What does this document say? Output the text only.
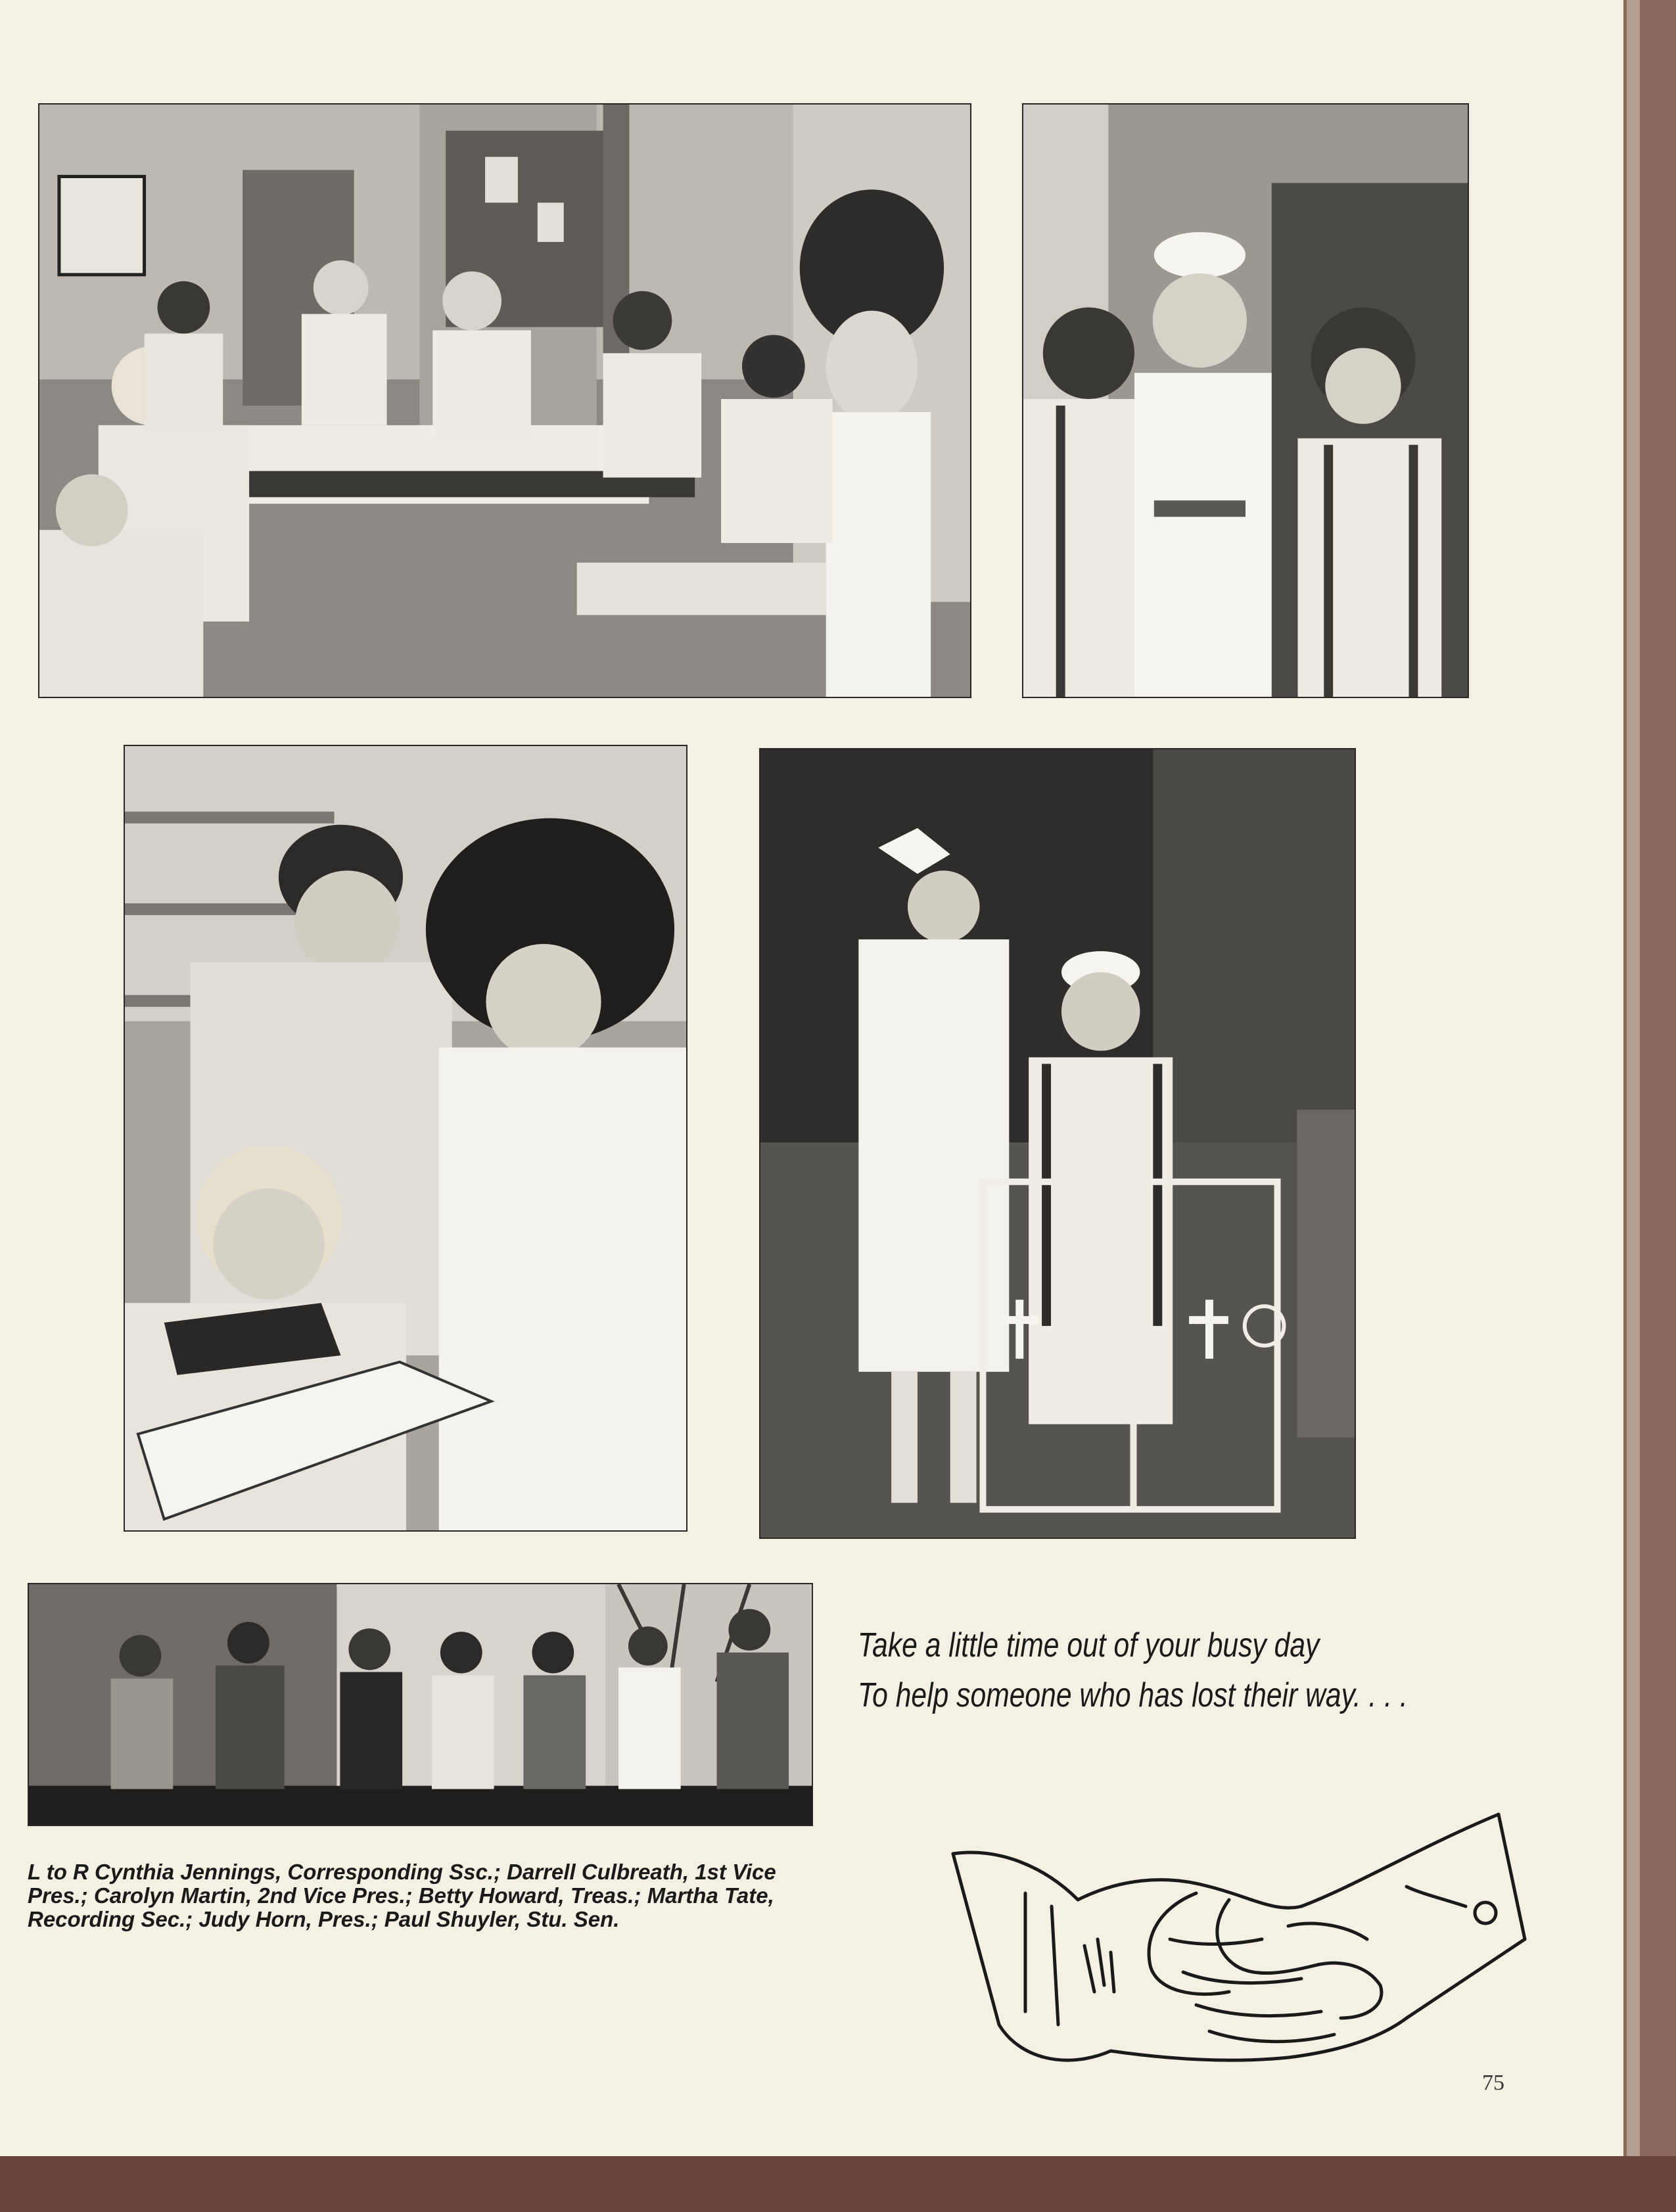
L to R Cynthia Jennings, Corresponding Ssc.; Darrell Culbreath, 1st Vice Pres.; Carolyn Martin, 2nd Vice Pres.; Betty Howard, Treas.; Martha Tate, Recording Sec.; Judy Horn, Pres.; Paul Shuyler, Stu. Sen.
Take a little time out of your busy day
To help someone who has lost their way. . . .
75
